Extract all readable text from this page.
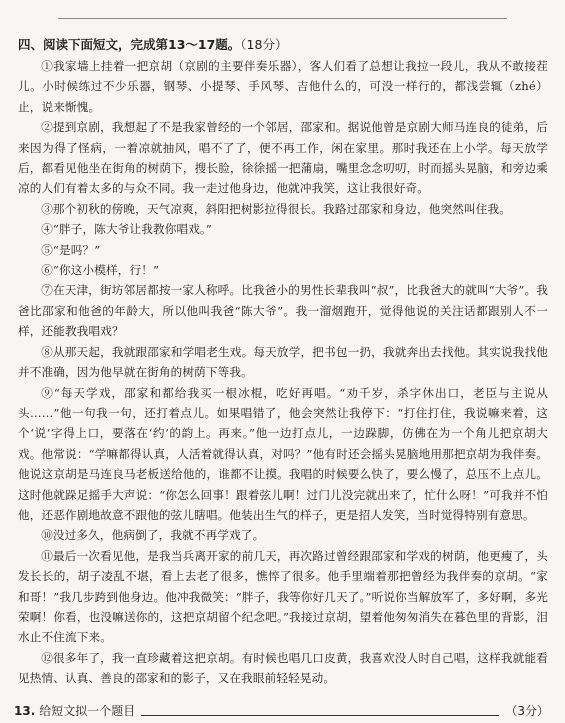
四、阅读下面短文，完成第13～17题。（18分）

①我家墙上挂着一把京胡（京剧的主要伴奏乐器），客人们看了总想让我拉一段儿，我从不敢接茬儿。小时候练过不少乐器，钢琴、小提琴、手风琴、吉他什么的，可没一样行的，都浅尝辄（zhé）止，说来惭愧。

②提到京剧，我想起了不是我家曾经的一个邻居，邵家和。据说他曾是京剧大师马连良的徒弟，后来因为得了怪病，一着凉就抽风，唱不了了，便不再工作，闲在家里。那时我还在上小学。每天放学后，都看见他坐在街角的树荫下，搜长脸，徐徐摇一把蒲扇，嘴里念念叨叨，时而摇头晃脑，和旁边乘凉的人们有着太多的与众不同。我一走过他身边，他就冲我笑，这让我很好奇。

③那个初秋的傍晚，天气凉爽，斜阳把树影拉得很长。我路过邵家和身边，他突然叫住我。

④“胖子，陈大爷让我教你唱戏。”

⑤“是吗？”

⑥“你这小模样，行！”

⑦在天津，街坊邻居都按一家人称呼。比我爸小的男性长辈我叫“叔”，比我爸大的就叫“大爷”。我爸比邵家和他爸的年龄大，所以他叫我爸“陈大爷”。我一溜烟跑开，觉得他说的关注话都跟别人不一样，还能教我唱戏？

⑧从那天起，我就跟邵家和学唱老生戏。每天放学，把书包一扔，我就奔出去找他。其实说我找他并不准确，因为他早就在街角的树荫下等我。

⑨“每天学戏，邵家和都给我买一根冰棍，吃好再唱。“劝千岁，杀字休出口，老臣与主说从头……”他一句我一句，还打着点儿。如果唱错了，他会突然让我停下：“打住打住，我说嘛来着，这个‘说’字得上口，要落在‘约’的韵上。再来。”他一边打点儿，一边跺脚，仿佛在为一个角儿把京胡大戏。他常说：“学嘛都得认真，人活着就得认真，对吗？”他有时还会摇头晃脑地用那把京胡为我伴奏。他说这京胡是马连良马老板送给他的，谁都不让摸。我唱的时候要么快了，要么慢了，总压不上点儿。这时他就跺足摇手大声说：“你怎么回事！跟着弦儿啊！过门儿没完就出来了，忙什么呀！”可我并不怕他，还恶作剧地故意不跟他的弦儿瞎唱。他装出生气的样子，更是招人发笑，当时觉得特别有意思。

⑩没过多久，他病倒了，我就不再学戏了。

⑪最后一次看见他，是我当兵离开家的前几天，再次路过曾经跟邵家和学戏的树荫，他更瘦了，头发长长的，胡子凌乱不堪，看上去老了很多，憔悴了很多。他手里端着那把曾经为我伴奏的京胡。“家和哥！”我几步跨到他身边。他冲我微笑：“胖子，我等你好几天了。”听说你当解放军了，多好啊，多光荣啊！你看，也没嘛送你的，这把京胡留个纪念吧。”我接过京胡，望着他匆匆消失在暮色里的背影，泪水止不住流下来。

⑫很多年了，我一直珍藏着这把京胡。有时候也唱几口皮黄，我喜欢没人时自己唱，这样我就能看见热情、认真、善良的邵家和的影子，又在我眼前轻轻晃动。

13. 给短文拟一个题目	（3分）
